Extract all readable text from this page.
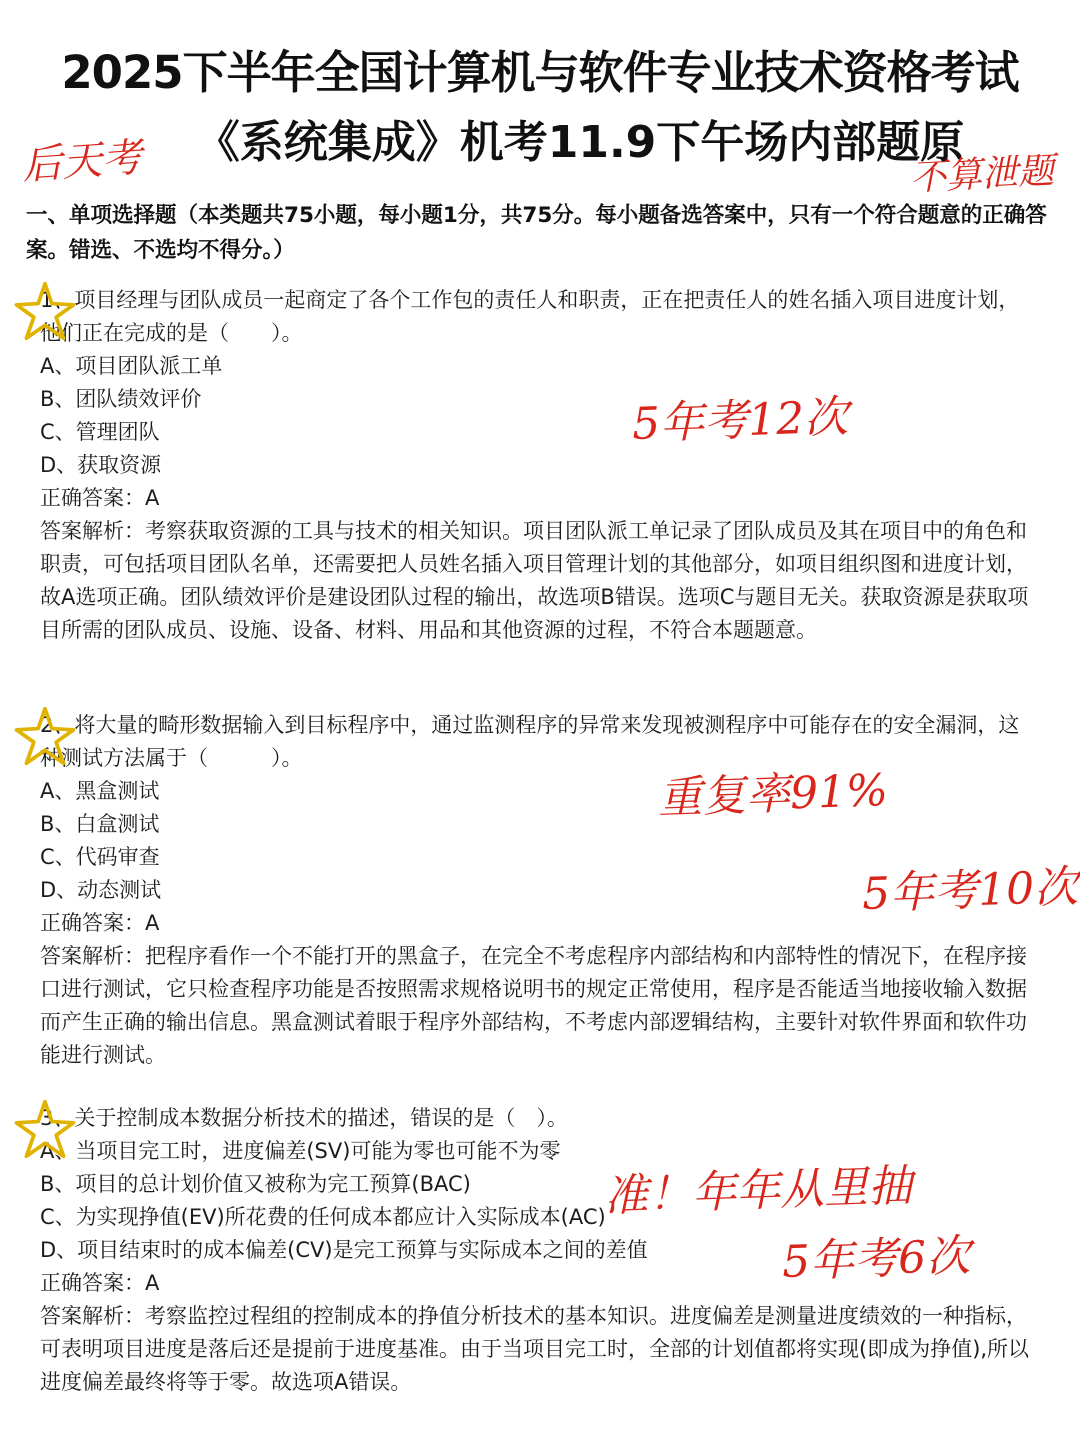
2025下半年全国计算机与软件专业技术资格考试
《系统集成》机考11.9下午场内部题原
后天考	不算泄题
一、单项选择题（本类题共75小题，每小题1分，共75分。每小题备选答案中，只有一个符合题意的正确答案。错选、不选均不得分。）
1、项目经理与团队成员一起商定了各个工作包的责任人和职责，正在把责任人的姓名插入项目进度计划，他们正在完成的是（　　）。
A、项目团队派工单
B、团队绩效评价
C、管理团队
D、获取资源
正确答案：A
答案解析：考察获取资源的工具与技术的相关知识。项目团队派工单记录了团队成员及其在项目中的角色和职责，可包括项目团队名单，还需要把人员姓名插入项目管理计划的其他部分，如项目组织图和进度计划，故A选项正确。团队绩效评价是建设团队过程的输出，故选项B错误。选项C与题目无关。获取资源是获取项目所需的团队成员、设施、设备、材料、用品和其他资源的过程，不符合本题题意。
2、将大量的畸形数据输入到目标程序中，通过监测程序的异常来发现被测程序中可能存在的安全漏洞，这种测试方法属于（　　　）。
A、黑盒测试
B、白盒测试
C、代码审查
D、动态测试
正确答案：A
答案解析：把程序看作一个不能打开的黑盒子，在完全不考虑程序内部结构和内部特性的情况下，在程序接口进行测试，它只检查程序功能是否按照需求规格说明书的规定正常使用，程序是否能适当地接收输入数据而产生正确的输出信息。黑盒测试着眼于程序外部结构，不考虑内部逻辑结构，主要针对软件界面和软件功能进行测试。
3、关于控制成本数据分析技术的描述，错误的是（　）。
A、当项目完工时，进度偏差(SV)可能为零也可能不为零
B、项目的总计划价值又被称为完工预算(BAC)
C、为实现挣值(EV)所花费的任何成本都应计入实际成本(AC)
D、项目结束时的成本偏差(CV)是完工预算与实际成本之间的差值
正确答案：A
答案解析：考察监控过程组的控制成本的挣值分析技术的基本知识。进度偏差是测量进度绩效的一种指标，可表明项目进度是落后还是提前于进度基准。由于当项目完工时，全部的计划值都将实现(即成为挣值),所以进度偏差最终将等于零。故选项A错误。
5年考12次
重复率91%
5年考10次
准！年年从里抽
5年考6次
